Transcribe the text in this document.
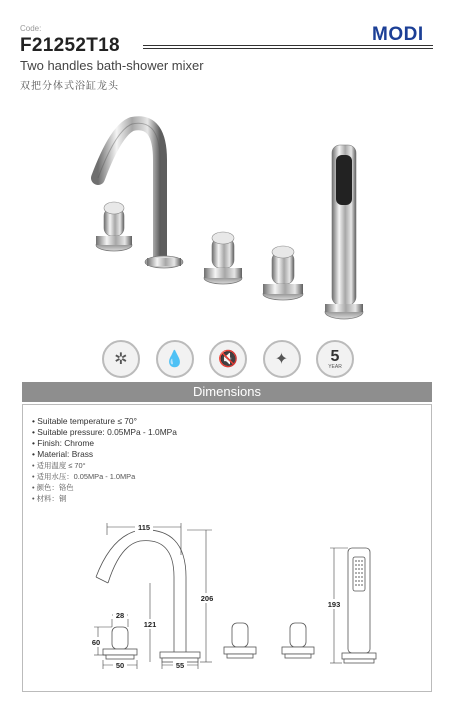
Code:
F21252T18
MODI
Two handles bath-shower mixer
双把分体式浴缸龙头
✲	💧	🔇	✦	5
YEAR
Dimensions
• Suitable temperature ≤ 70°
• Suitable pressure: 0.05MPa - 1.0MPa
• Finish: Chrome
• Material: Brass
• 适用温度 ≤ 70°
• 适用水压：0.05MPa - 1.0MPa
• 颜色：铬色
• 材料：铜
115
206
121
193
60
50	55
28
